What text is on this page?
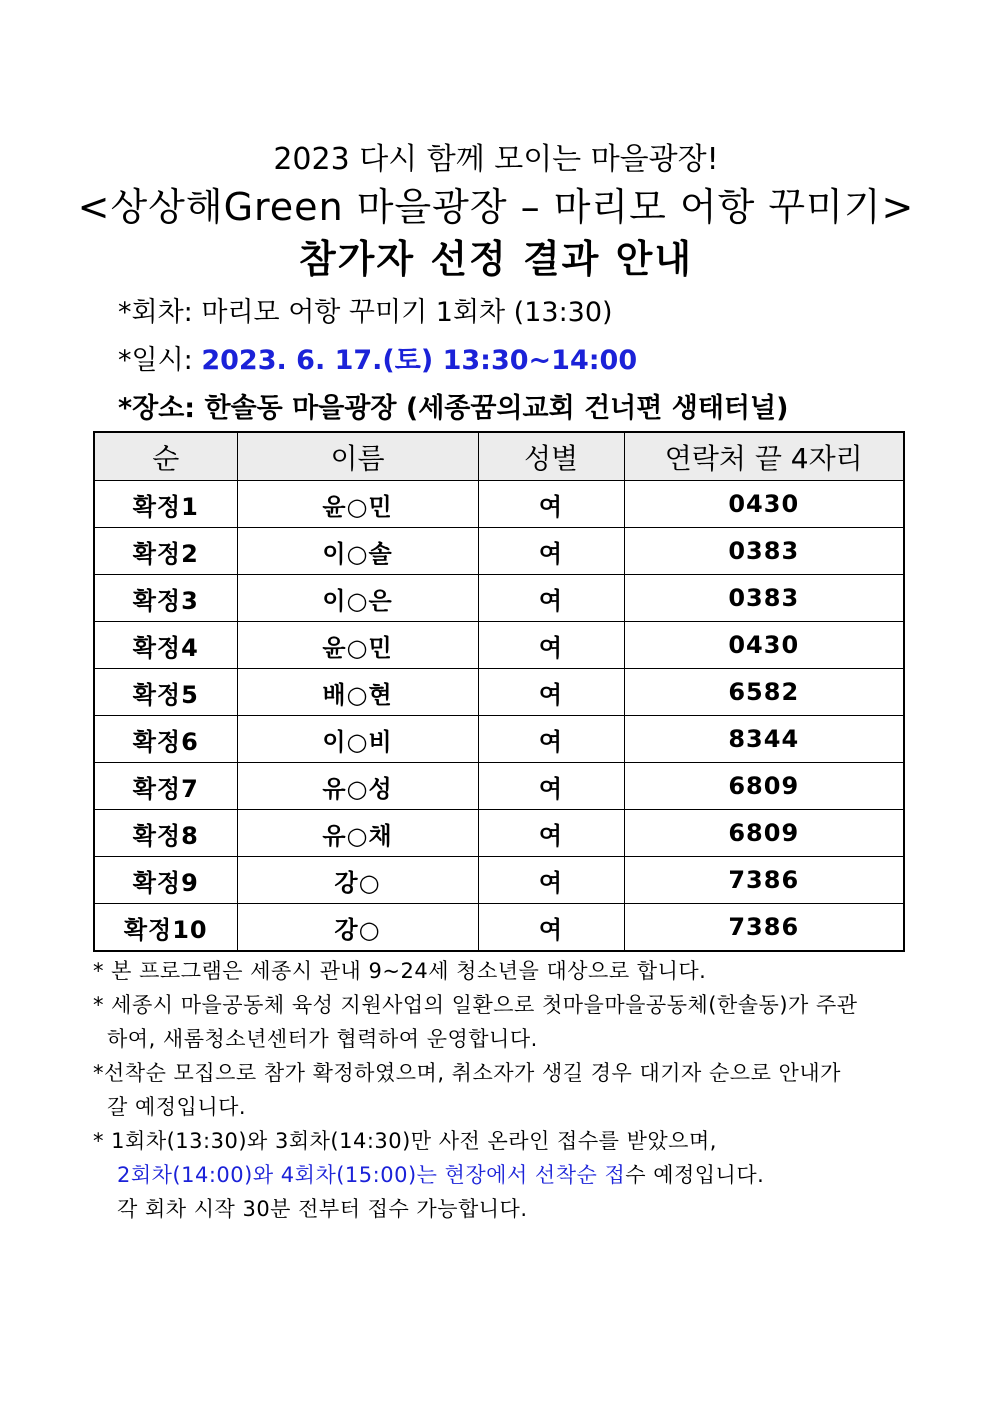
2023 다시 함께 모이는 마을광장!
<상상해Green 마을광장 – 마리모 어항 꾸미기>
참가자 선정 결과 안내
*회차: 마리모 어항 꾸미기 1회차 (13:30)
*일시: 2023. 6. 17.(토) 13:30~14:00
*장소: 한솔동 마을광장 (세종꿈의교회 건너편 생태터널)
순	이름	성별	연락처 끝 4자리
확정1	윤○민	여	0430
확정2	이○솔	여	0383
확정3	이○은	여	0383
확정4	윤○민	여	0430
확정5	배○현	여	6582
확정6	이○비	여	8344
확정7	유○성	여	6809
확정8	유○채	여	6809
확정9	강○	여	7386
확정10	강○	여	7386

* 본 프로그램은 세종시 관내 9~24세 청소년을 대상으로 합니다.

* 세종시 마을공동체 육성 지원사업의 일환으로 첫마을마을공동체(한솔동)가 주관

하여, 새롬청소년센터가 협력하여 운영합니다.

*선착순 모집으로 참가 확정하였으며, 취소자가 생길 경우 대기자 순으로 안내가

갈 예정입니다.

* 1회차(13:30)와 3회차(14:30)만 사전 온라인 접수를 받았으며,

2회차(14:00)와 4회차(15:00)는 현장에서 선착순 접수 예정입니다.

각 회차 시작 30분 전부터 접수 가능합니다.
